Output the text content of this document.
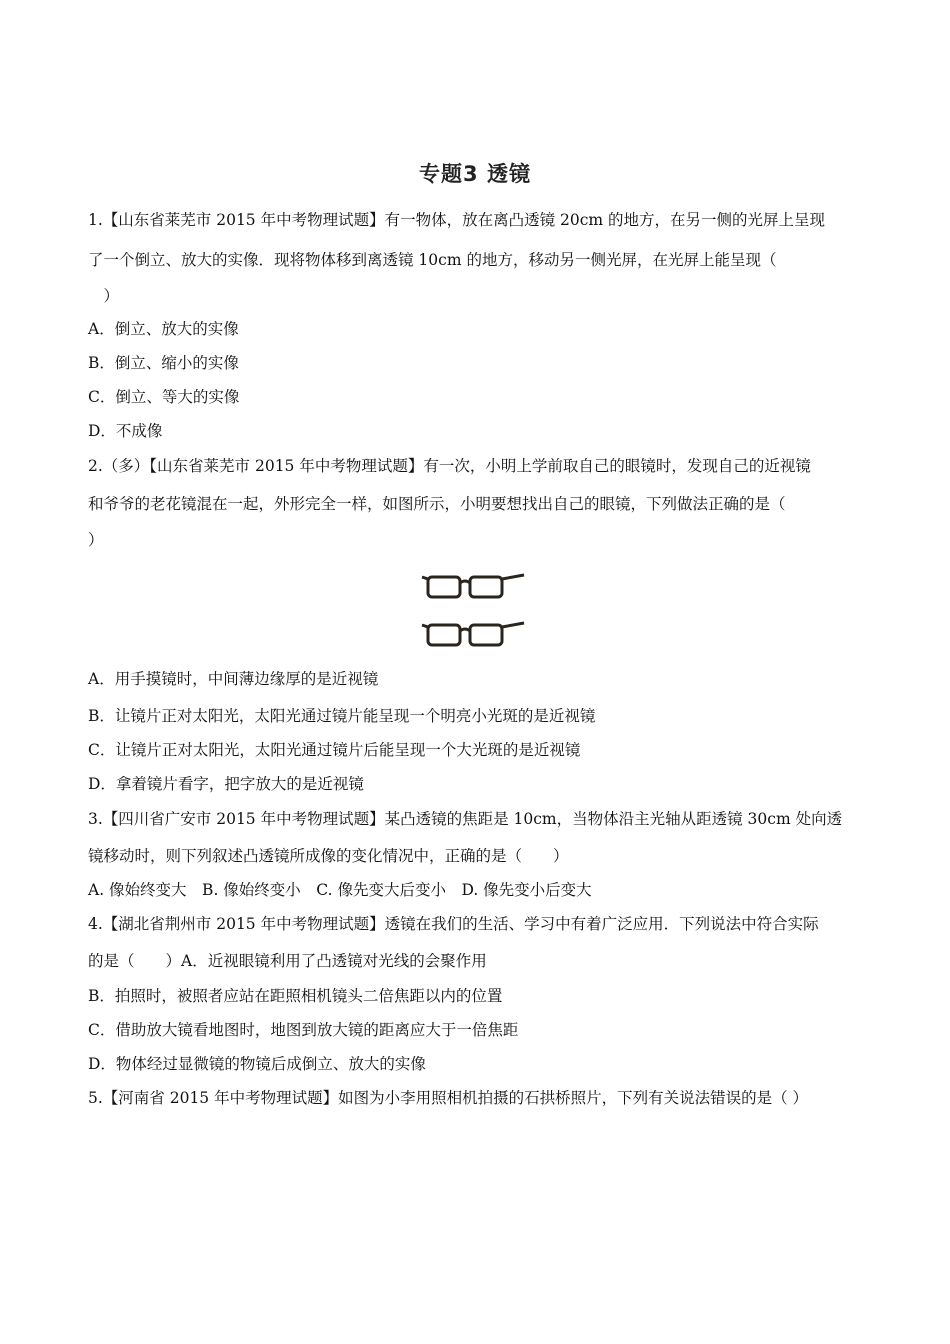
专题3 透镜
1.【山东省莱芜市 2015 年中考物理试题】有一物体，放在离凸透镜 20cm 的地方，在另一侧的光屏上呈现
了一个倒立、放大的实像．现将物体移到离透镜 10cm 的地方，移动另一侧光屏，在光屏上能呈现（
　）
A．倒立、放大的实像
B．倒立、缩小的实像
C．倒立、等大的实像
D．不成像
2.（多）【山东省莱芜市 2015 年中考物理试题】有一次，小明上学前取自己的眼镜时，发现自己的近视镜
和爷爷的老花镜混在一起，外形完全一样，如图所示，小明要想找出自己的眼镜，下列做法正确的是（
）
A．用手摸镜时，中间薄边缘厚的是近视镜
B．让镜片正对太阳光，太阳光通过镜片能呈现一个明亮小光斑的是近视镜
C．让镜片正对太阳光，太阳光通过镜片后能呈现一个大光斑的是近视镜
D．拿着镜片看字，把字放大的是近视镜
3.【四川省广安市 2015 年中考物理试题】某凸透镜的焦距是 10cm，当物体沿主光轴从距透镜 30cm 处向透
镜移动时，则下列叙述凸透镜所成像的变化情况中，正确的是（　　）
A. 像始终变大　B. 像始终变小　C. 像先变大后变小　D. 像先变小后变大
4.【湖北省荆州市 2015 年中考物理试题】透镜在我们的生活、学习中有着广泛应用．下列说法中符合实际
的是（　　）A．近视眼镜利用了凸透镜对光线的会聚作用
B．拍照时，被照者应站在距照相机镜头二倍焦距以内的位置
C．借助放大镜看地图时，地图到放大镜的距离应大于一倍焦距
D．物体经过显微镜的物镜后成倒立、放大的实像
5.【河南省 2015 年中考物理试题】如图为小李用照相机拍摄的石拱桥照片，下列有关说法错误的是（ ）
